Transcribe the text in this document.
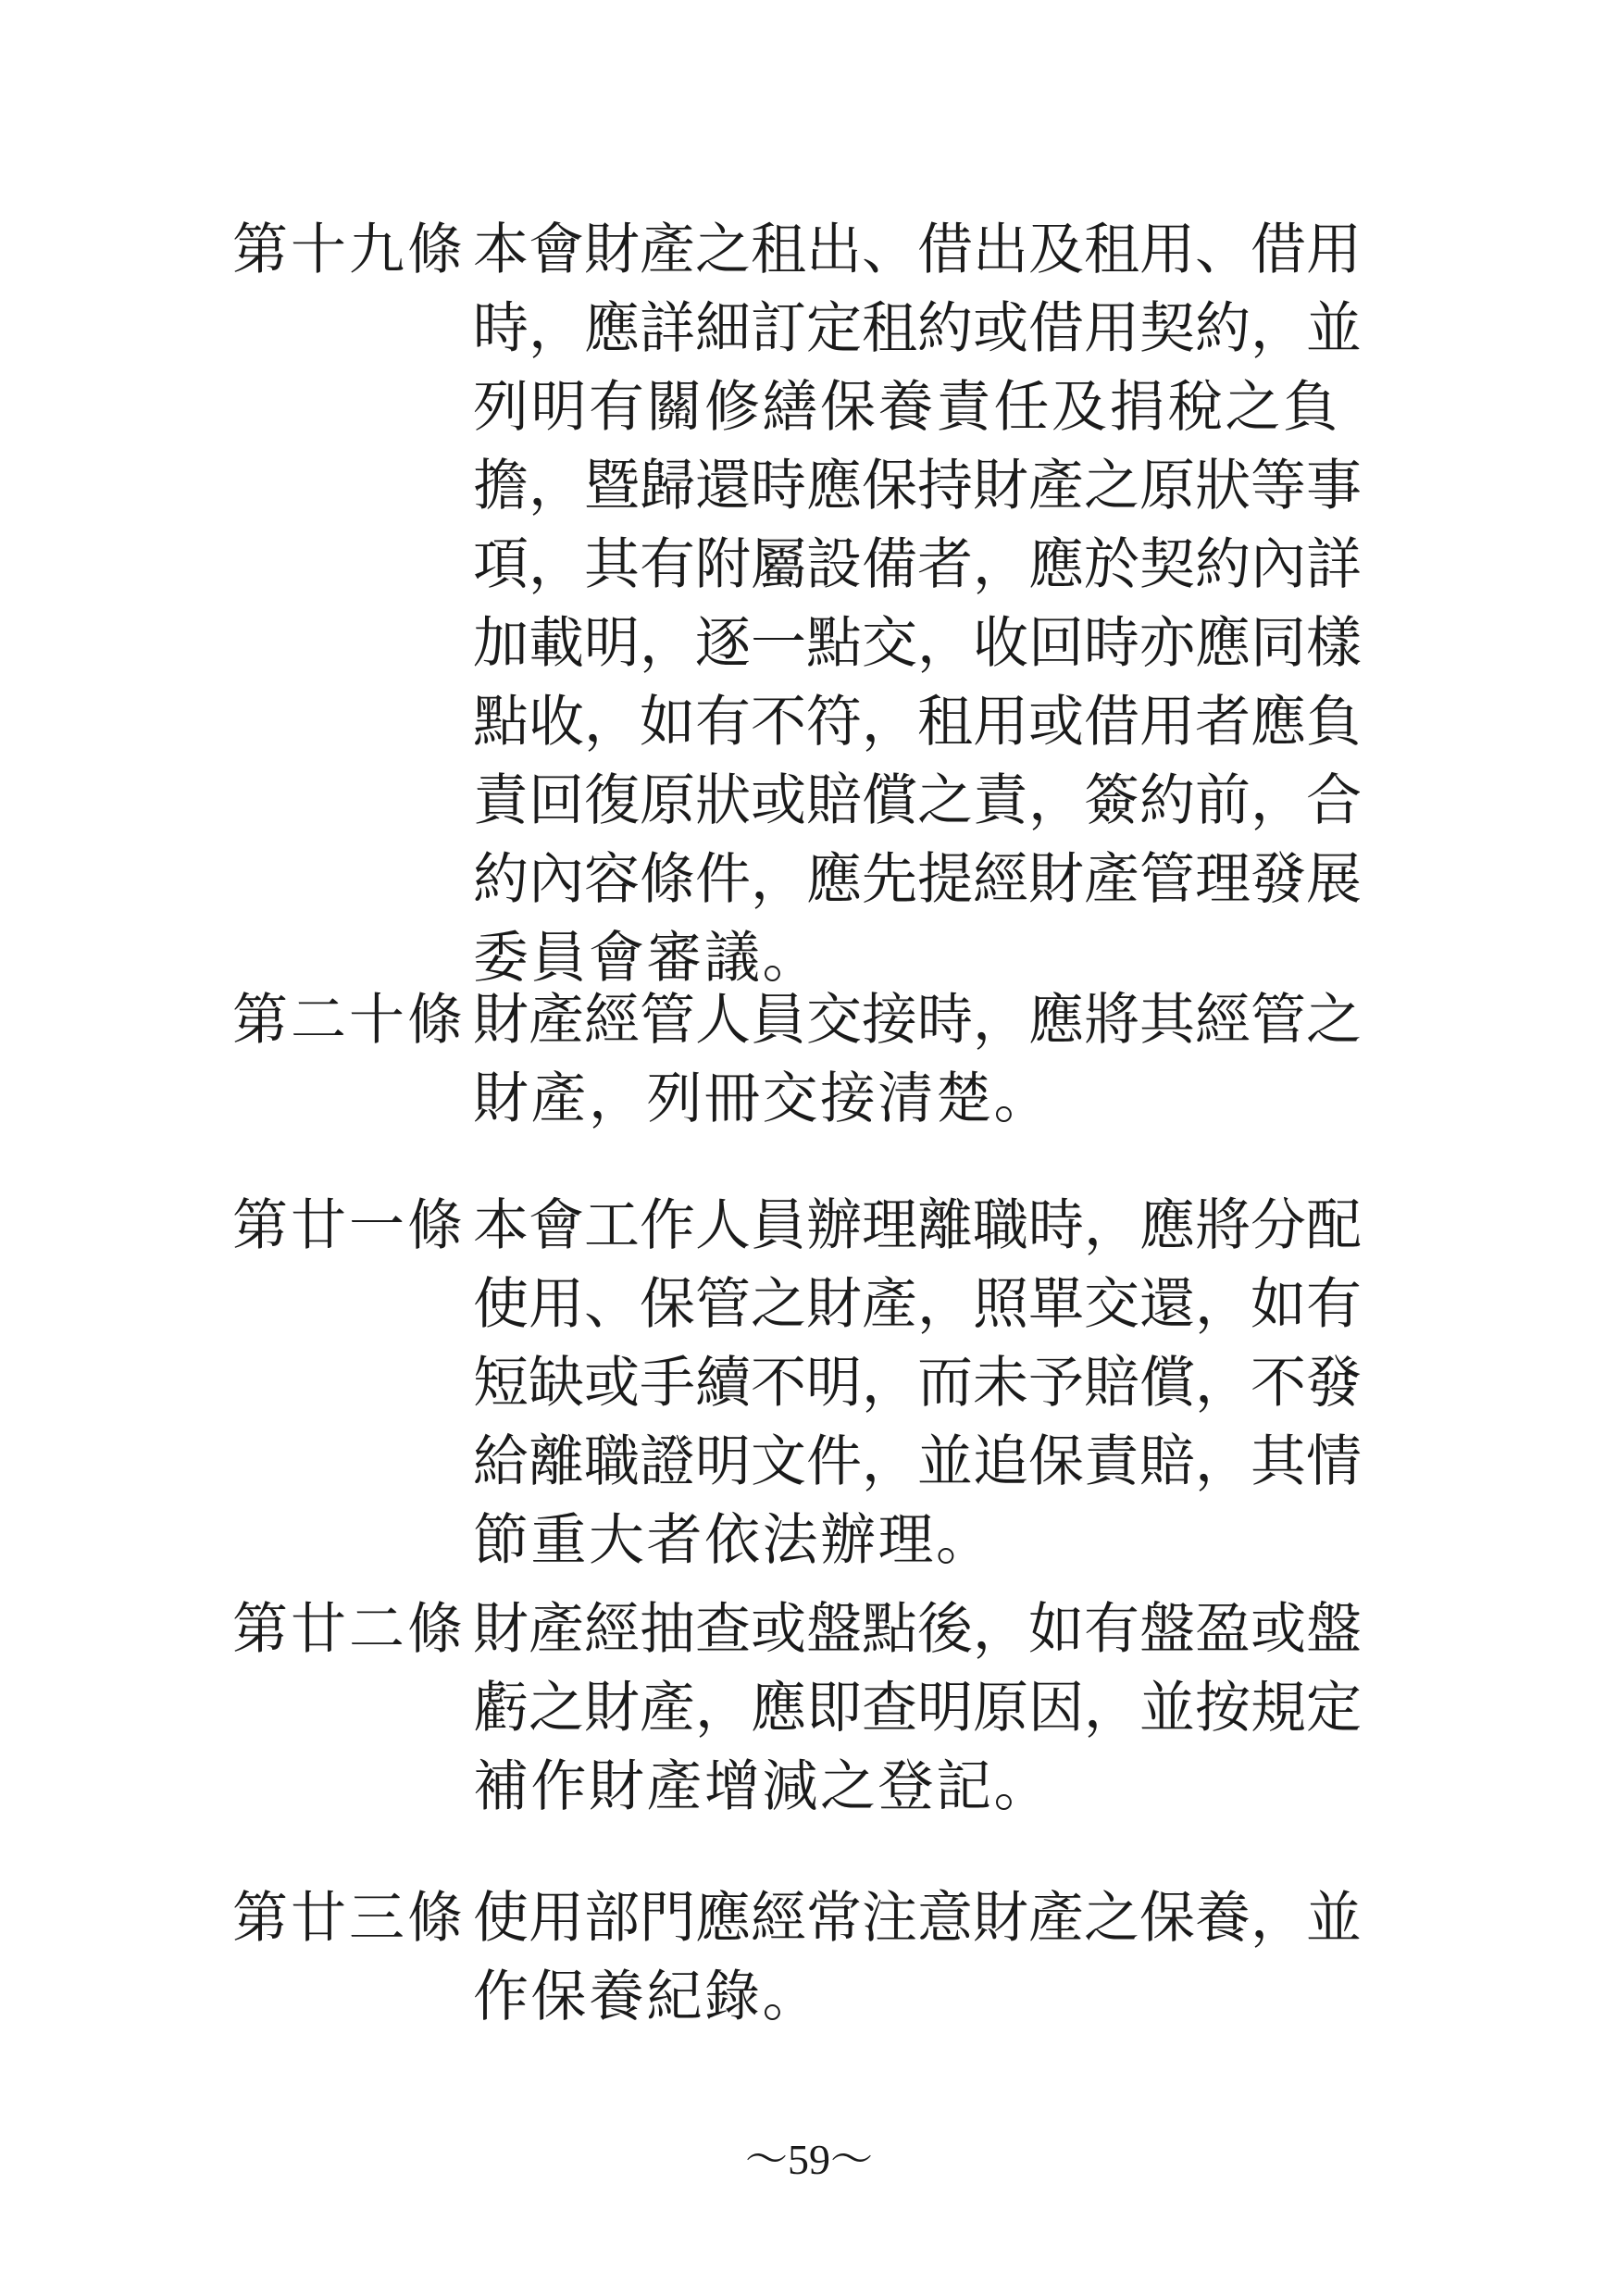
第十九條 本會財產之租出、借出及租用、借用
時，應詳細訂定租約或借用契約，並
列明有關修繕保養責任及捐稅之負
擔，暨歸還時應保持財產之原狀等事
項，其有附屬設備者，應於契約內詳
加載明，逐一點交，收回時亦應同樣
點收，如有不符，租用或借用者應負
責回復原狀或賠償之責，簽約前，合
約內容條件，應先提經財產管理發展
委員會審議。
第二十條 財產經管人員交接時，應將其經管之
財產，列冊交接清楚。
第廿一條 本會工作人員辦理離職時，應將分配
使用、保管之財產，照單交還，如有
短缺或手續不明，而未予賠償，不發
給離職證明文件，並追保責賠，其情
節重大者依法辦理。
第廿二條 財產經抽查或盤點後，如有盤盈或盤
虧之財產，應即查明原因，並按規定
補作財產增減之登記。
第廿三條 使用部門應經常注意財產之保養，並
作保養紀錄。
～59～
